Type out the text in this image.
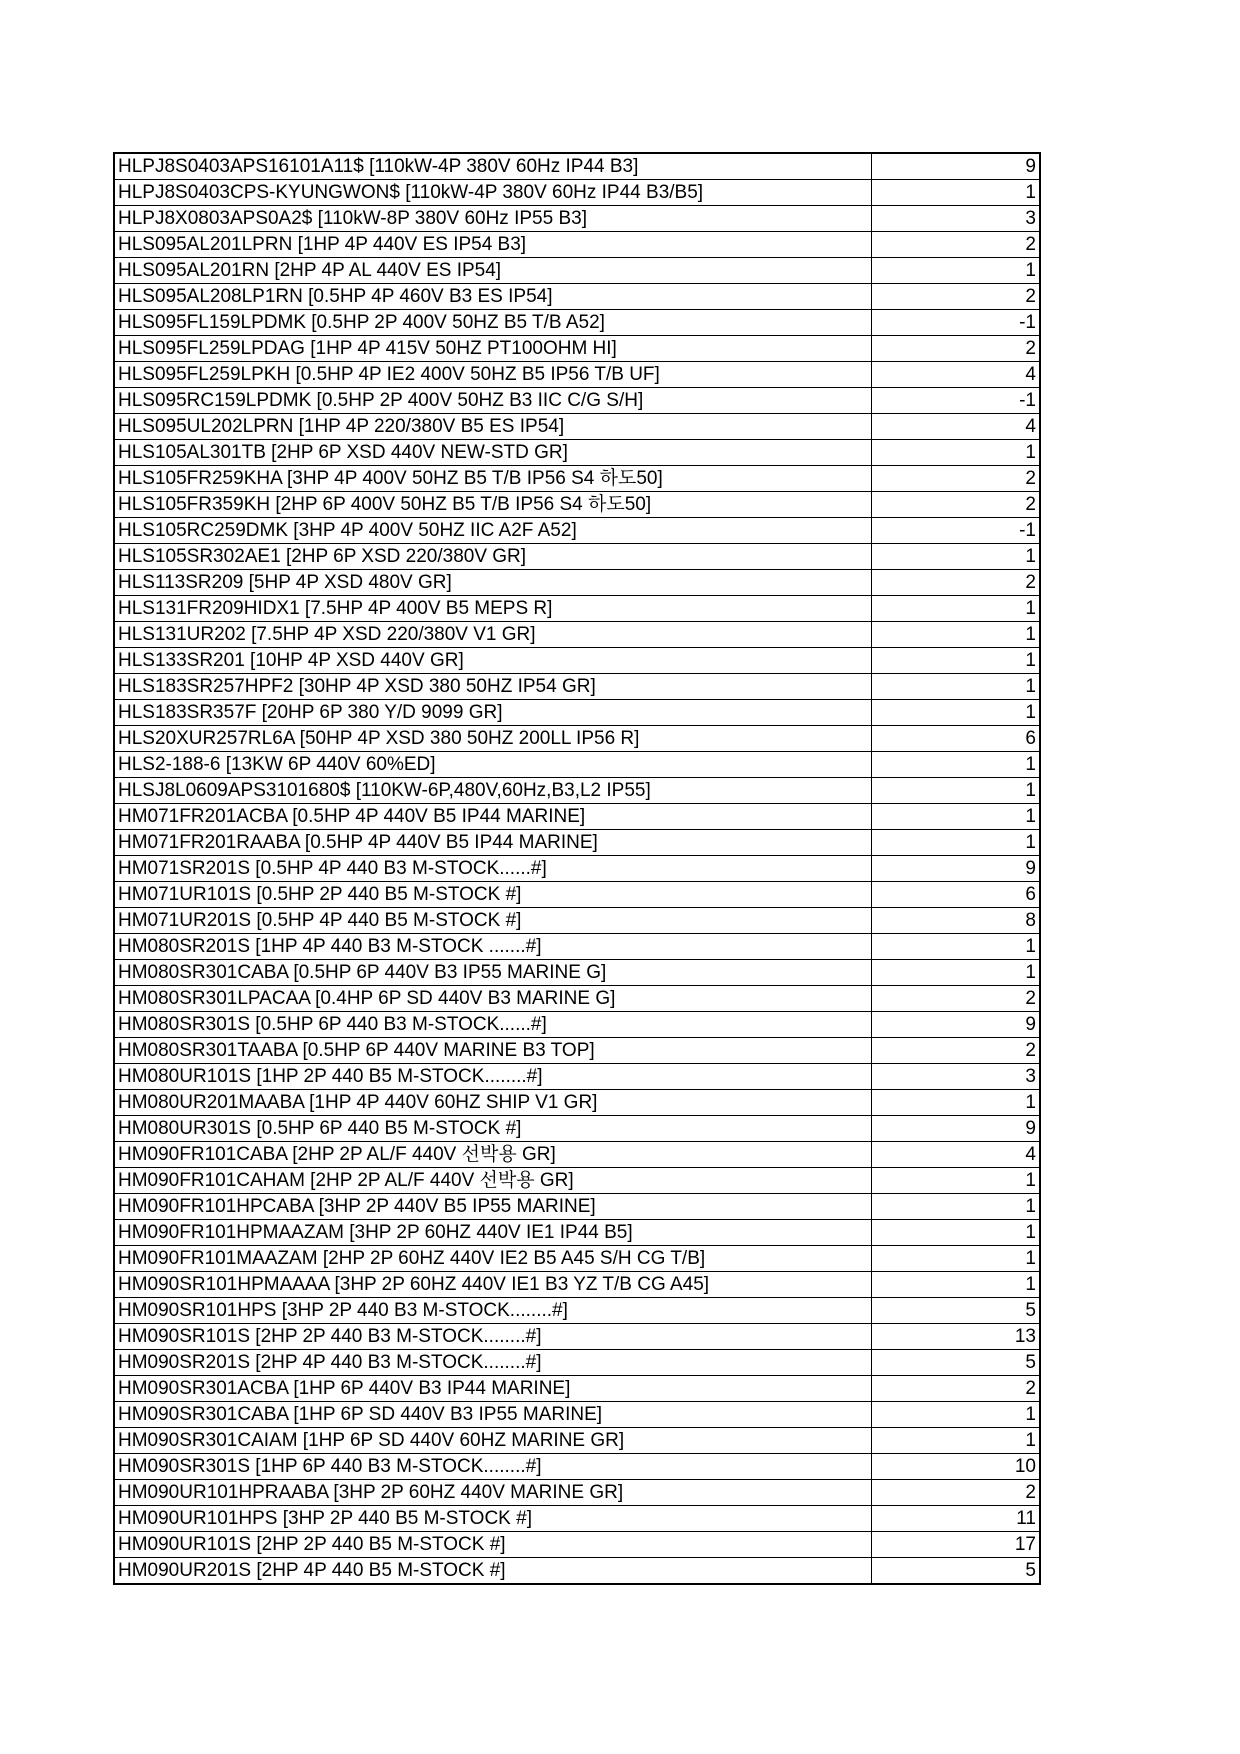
HLPJ8S0403APS16101A11$ [110kW-4P 380V 60Hz IP44 B3]	9
HLPJ8S0403CPS-KYUNGWON$ [110kW-4P 380V 60Hz IP44 B3/B5]	1
HLPJ8X0803APS0A2$ [110kW-8P 380V 60Hz IP55 B3]	3
HLS095AL201LPRN [1HP 4P 440V ES IP54 B3]	2
HLS095AL201RN [2HP 4P AL 440V ES IP54]	1
HLS095AL208LP1RN [0.5HP 4P 460V B3 ES IP54]	2
HLS095FL159LPDMK [0.5HP 2P 400V 50HZ B5 T/B A52]	-1
HLS095FL259LPDAG [1HP 4P 415V 50HZ PT100OHM HI]	2
HLS095FL259LPKH [0.5HP 4P IE2 400V 50HZ B5 IP56 T/B UF]	4
HLS095RC159LPDMK [0.5HP 2P 400V 50HZ B3 IIC C/G S/H]	-1
HLS095UL202LPRN [1HP 4P 220/380V B5 ES IP54]	4
HLS105AL301TB [2HP 6P XSD 440V NEW-STD GR]	1
HLS105FR259KHA [3HP 4P 400V 50HZ B5 T/B IP56 S4 하도50]	2
HLS105FR359KH [2HP 6P 400V 50HZ B5 T/B IP56 S4 하도50]	2
HLS105RC259DMK [3HP 4P 400V 50HZ IIC A2F A52]	-1
HLS105SR302AE1 [2HP 6P XSD 220/380V GR]	1
HLS113SR209 [5HP 4P XSD 480V GR]	2
HLS131FR209HIDX1 [7.5HP 4P 400V B5 MEPS R]	1
HLS131UR202 [7.5HP 4P XSD 220/380V V1 GR]	1
HLS133SR201 [10HP 4P XSD 440V GR]	1
HLS183SR257HPF2 [30HP 4P XSD 380 50HZ IP54 GR]	1
HLS183SR357F [20HP 6P 380 Y/D 9099 GR]	1
HLS20XUR257RL6A [50HP 4P XSD 380 50HZ 200LL IP56 R]	6
HLS2-188-6 [13KW 6P 440V 60%ED]	1
HLSJ8L0609APS3101680$ [110KW-6P,480V,60Hz,B3,L2 IP55]	1
HM071FR201ACBA [0.5HP 4P 440V B5 IP44 MARINE]	1
HM071FR201RAABA [0.5HP 4P 440V B5 IP44 MARINE]	1
HM071SR201S [0.5HP 4P 440 B3 M-STOCK......#]	9
HM071UR101S [0.5HP 2P 440 B5 M-STOCK #]	6
HM071UR201S [0.5HP 4P 440 B5 M-STOCK #]	8
HM080SR201S [1HP 4P 440 B3 M-STOCK .......#]	1
HM080SR301CABA [0.5HP 6P 440V B3 IP55 MARINE G]	1
HM080SR301LPACAA [0.4HP 6P SD 440V B3 MARINE G]	2
HM080SR301S [0.5HP 6P 440 B3 M-STOCK......#]	9
HM080SR301TAABA [0.5HP 6P 440V MARINE B3 TOP]	2
HM080UR101S [1HP 2P 440 B5 M-STOCK........#]	3
HM080UR201MAABA [1HP 4P 440V 60HZ SHIP V1 GR]	1
HM080UR301S [0.5HP 6P 440 B5 M-STOCK #]	9
HM090FR101CABA [2HP 2P AL/F 440V 선박용 GR]	4
HM090FR101CAHAM [2HP 2P AL/F 440V 선박용 GR]	1
HM090FR101HPCABA [3HP 2P 440V B5 IP55 MARINE]	1
HM090FR101HPMAAZAM [3HP 2P 60HZ 440V IE1 IP44 B5]	1
HM090FR101MAAZAM [2HP 2P 60HZ 440V IE2 B5 A45 S/H CG T/B]	1
HM090SR101HPMAAAA [3HP 2P 60HZ 440V IE1 B3 YZ T/B CG A45]	1
HM090SR101HPS [3HP 2P 440 B3 M-STOCK........#]	5
HM090SR101S [2HP 2P 440 B3 M-STOCK........#]	13
HM090SR201S [2HP 4P 440 B3 M-STOCK........#]	5
HM090SR301ACBA [1HP 6P 440V B3 IP44 MARINE]	2
HM090SR301CABA [1HP 6P SD 440V B3 IP55 MARINE]	1
HM090SR301CAIAM [1HP 6P SD 440V 60HZ MARINE GR]	1
HM090SR301S [1HP 6P 440 B3 M-STOCK........#]	10
HM090UR101HPRAABA [3HP 2P 60HZ 440V MARINE GR]	2
HM090UR101HPS [3HP 2P 440 B5 M-STOCK #]	11
HM090UR101S [2HP 2P 440 B5 M-STOCK #]	17
HM090UR201S [2HP 4P 440 B5 M-STOCK #]	5
